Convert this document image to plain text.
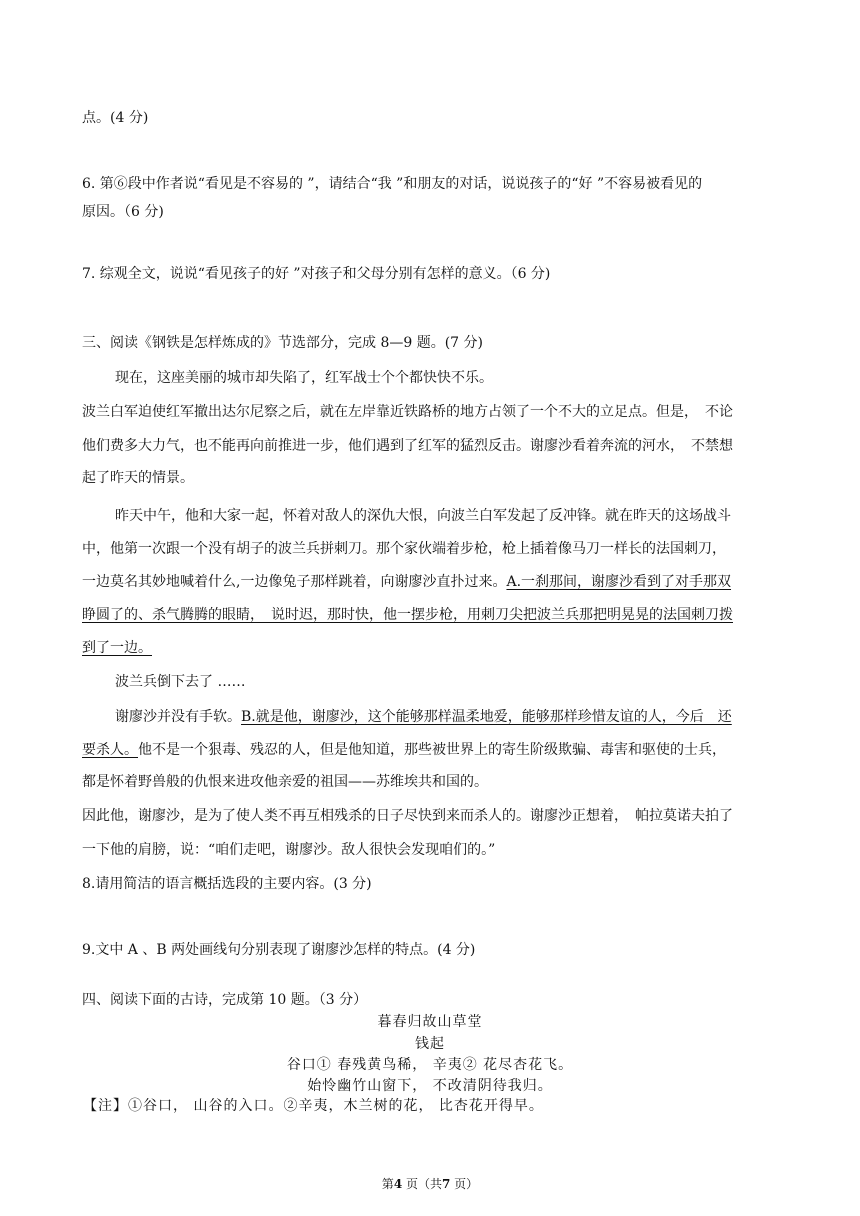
点。(4 分)
6. 第⑥段中作者说“看见是不容易的 ”，请结合“我 ”和朋友的对话，说说孩子的“好 ”不容易被看见的
原因。（6 分)
7. 综观全文，说说“看见孩子的好 ”对孩子和父母分别有怎样的意义。（6 分)
三、阅读《钢铁是怎样炼成的》节选部分，完成 8—9 题。(7 分)
现在，这座美丽的城市却失陷了，红军战士个个都快快不乐。
波兰白军迫使红军撤出达尔尼察之后，就在左岸靠近铁路桥的地方占领了一个不大的立足点。但是，　不论
他们费多大力气，也不能再向前推进一步，他们遇到了红军的猛烈反击。谢廖沙看着奔流的河水，　不禁想
起了昨天的情景。
昨天中午，他和大家一起，怀着对敌人的深仇大恨，向波兰白军发起了反冲锋。就在昨天的这场战斗
中，他第一次跟一个没有胡子的波兰兵拼刺刀。那个家伙端着步枪，枪上插着像马刀一样长的法国刺刀，
一边莫名其妙地喊着什么,一边像兔子那样跳着，向谢廖沙直扑过来。A.一刹那间，谢廖沙看到了对手那双
睁圆了的、杀气腾腾的眼睛，　说时迟，那时快，他一摆步枪，用刺刀尖把波兰兵那把明晃晃的法国刺刀拨
到了一边。
波兰兵倒下去了 ……
谢廖沙并没有手软。B.就是他，谢廖沙，这个能够那样温柔地爱，能够那样珍惜友谊的人，今后　还
要杀人。他不是一个狠毒、残忍的人，但是他知道，那些被世界上的寄生阶级欺骗、毒害和驱使的士兵，
都是怀着野兽般的仇恨来进攻他亲爱的祖国——苏维埃共和国的。
因此他，谢廖沙，是为了使人类不再互相残杀的日子尽快到来而杀人的。谢廖沙正想着，　帕拉莫诺夫拍了
一下他的肩膀，说：“咱们走吧，谢廖沙。敌人很快会发现咱们的。”
8.请用简洁的语言概括选段的主要内容。(3 分)
9.文中 A 、B 两处画线句分别表现了谢廖沙怎样的特点。(4 分)
四、阅读下面的古诗，完成第 10 题。（3 分）
暮春归故山草堂
钱起
谷口① 春残黄鸟稀， 辛夷② 花尽杏花飞。
始怜幽竹山窗下， 不改清阴待我归。
【注】①谷口， 山谷的入口。②辛夷，木兰树的花， 比杏花开得早。
第4 页（共7 页）
